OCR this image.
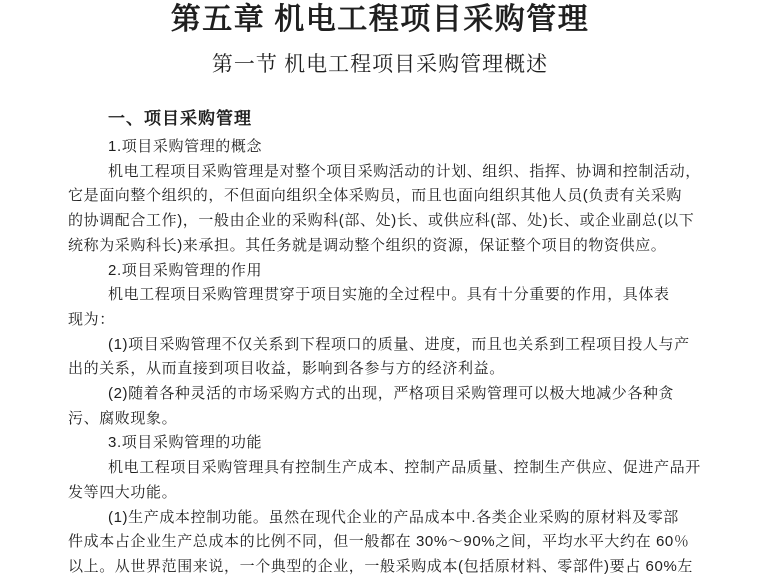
第五章 机电工程项目采购管理
第一节 机电工程项目采购管理概述
一、项目采购管理
1.项目采购管理的概念
机电工程项目采购管理是对整个项目采购活动的计划、组织、指挥、协调和控制活动，
它是面向整个组织的，不但面向组织全体采购员，而且也面向组织其他人员(负责有关采购
的协调配合工作)，一般由企业的采购科(部、处)长、或供应科(部、处)长、或企业副总(以下
统称为采购科长)来承担。其任务就是调动整个组织的资源，保证整个项目的物资供应。
2.项目采购管理的作用
机电工程项目采购管理贯穿于项目实施的全过程中。具有十分重要的作用，具体表
现为：
(1)项目采购管理不仅关系到下程项口的质量、进度，而且也关系到工程项目投人与产
出的关系，从而直接到项目收益，影响到各参与方的经济利益。
(2)随着各种灵活的市场采购方式的出现，严格项目采购管理可以极大地减少各种贪
污、腐败现象。
3.项目采购管理的功能
机电工程项目采购管理具有控制生产成本、控制产品质量、控制生产供应、促进产品开
发等四大功能。
(1)生产成本控制功能。虽然在现代企业的产品成本中.各类企业采购的原材料及零部
件成本占企业生产总成本的比例不同，但一般都在 30%～90%之间，平均水平大约在 60％
以上。从世界范围来说，一个典型的企业，一般采购成本(包括原材料、零部件)要占 60%左
